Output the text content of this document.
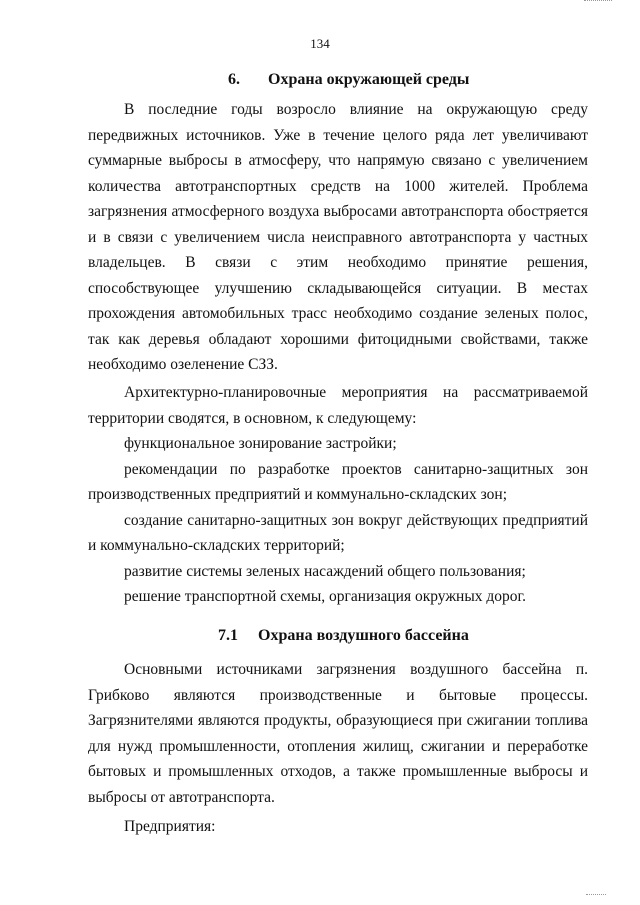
134
6. Охрана окружающей среды

В последние годы возросло влияние на окружающую среду передвижных источников. Уже в течение целого ряда лет увеличивают суммарные выбросы в атмосферу, что напрямую связано с увеличением количества автотранспортных средств на 1000 жителей. Проблема загрязнения атмосферного воздуха выбросами автотранспорта обостряется и в связи с увеличением числа неисправного автотранспорта у частных владельцев. В связи с этим необходимо принятие решения, способствующее улучшению складывающейся ситуации. В местах прохождения автомобильных трасс необходимо создание зеленых полос, так как деревья обладают хорошими фитоцидными свойствами, также необходимо озеленение СЗЗ.

Архитектурно-планировочные мероприятия на рассматриваемой территории сводятся, в основном, к следующему:

функциональное зонирование застройки;

рекомендации по разработке проектов санитарно-защитных зон производственных предприятий и коммунально-складских зон;

создание санитарно-защитных зон вокруг действующих предприятий и коммунально-складских территорий;

развитие системы зеленых насаждений общего пользования;

решение транспортной схемы, организация окружных дорог.

7.1 Охрана воздушного бассейна

Основными источниками загрязнения воздушного бассейна п. Грибково являются производственные и бытовые процессы. Загрязнителями являются продукты, образующиеся при сжигании топлива для нужд промышленности, отопления жилищ, сжигании и переработке бытовых и промышленных отходов, а также промышленные выбросы и выбросы от автотранспорта.

Предприятия:
